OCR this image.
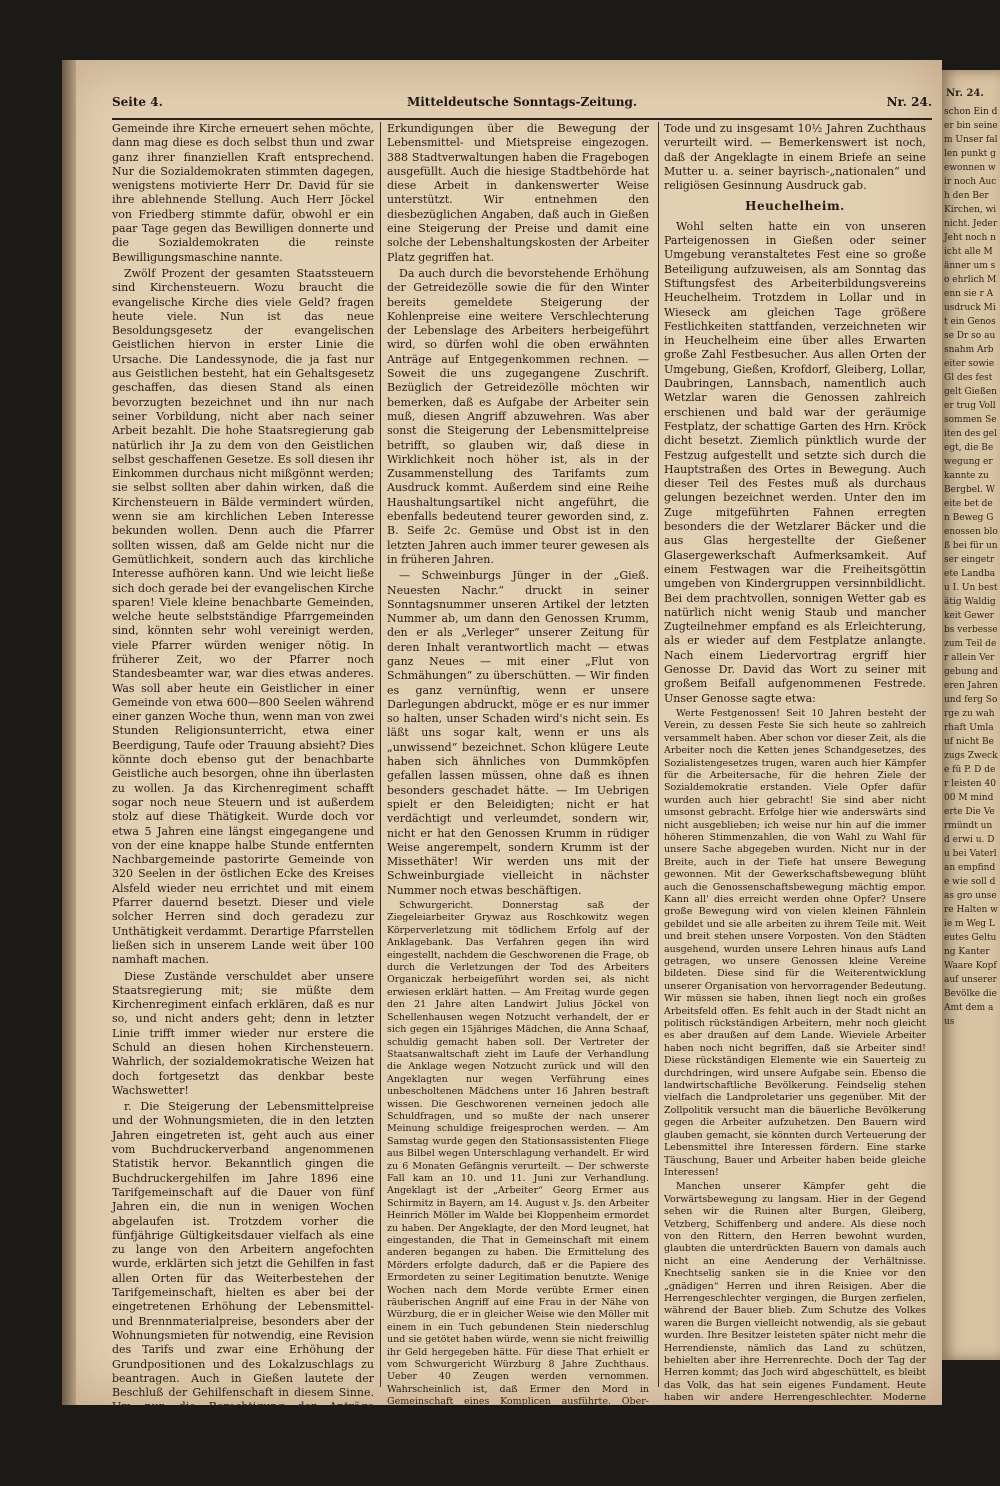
Nr. 24.
schon Ein der bin seinem Unser fallen punkt gewonnen wir noch Auch den Ber Kirchen, wi nicht. Jeder Jeht noch nicht alle Männer um so ehrlich Menn sie r Ausdruck Mit ein Genosse Dr so ausnahm Arbeiter sowie Gl des festgelt Gießener trug Vollsommen Seiten des gelegt, die Bewegung erkannte zu Bergbel. Weite bet den Beweg Genossen bloß bei für unser eingetrete Landbau I. Un bestätig Waldigkeit Gewerbs verbesse zum Teil der allein Vergebung anderen Jahren und ferg Sorge zu wahrhaft Umlauf nicht Bezugs Zwecke fü P. D der leisten 4000 M minderte Die Vermündt und erwi u. Du bei Vaterlan empfinde wie soll das gro unsere Halten wie m Weg Leutes Geltung Kanter Waare Kopf auf unserer Bevölke die Amt dem aus
Seite 4.	Mitteldeutsche Sonntags-Zeitung.	Nr. 24.

Gemeinde ihre Kirche erneuert sehen möchte, dann mag diese es doch selbst thun und zwar ganz ihrer finanziellen Kraft entsprechend. Nur die Sozialdemokraten stimmten dagegen, wenigstens motivierte Herr Dr. David für sie ihre ablehnende Stellung. Auch Herr Jöckel von Friedberg stimmte dafür, obwohl er ein paar Tage gegen das Bewilligen donnerte und die Sozialdemokraten die reinste Bewilligungsmaschine nannte.

Zwölf Prozent der gesamten Staatssteuern sind Kirchensteuern. Wozu braucht die evangelische Kirche dies viele Geld? fragen heute viele. Nun ist das neue Besoldungsgesetz der evangelischen Geistlichen hiervon in erster Linie die Ursache. Die Landessynode, die ja fast nur aus Geistlichen besteht, hat ein Gehaltsgesetz geschaffen, das diesen Stand als einen bevorzugten bezeichnet und ihn nur nach seiner Vorbildung, nicht aber nach seiner Arbeit bezahlt. Die hohe Staatsregierung gab natürlich ihr Ja zu dem von den Geistlichen selbst geschaffenen Gesetze. Es soll diesen ihr Einkommen durchaus nicht mißgönnt werden; sie selbst sollten aber dahin wirken, daß die Kirchensteuern in Bälde vermindert würden, wenn sie am kirchlichen Leben Interesse bekunden wollen. Denn auch die Pfarrer sollten wissen, daß am Gelde nicht nur die Gemütlichkeit, sondern auch das kirchliche Interesse aufhören kann. Und wie leicht ließe sich doch gerade bei der evangelischen Kirche sparen! Viele kleine benachbarte Gemeinden, welche heute selbstständige Pfarrgemeinden sind, könnten sehr wohl vereinigt werden, viele Pfarrer würden weniger nötig. In früherer Zeit, wo der Pfarrer noch Standesbeamter war, war dies etwas anderes. Was soll aber heute ein Geistlicher in einer Gemeinde von etwa 600—800 Seelen während einer ganzen Woche thun, wenn man von zwei Stunden Religionsunterricht, etwa einer Beerdigung, Taufe oder Trauung absieht? Dies könnte doch ebenso gut der benachbarte Geistliche auch besorgen, ohne ihn überlasten zu wollen. Ja das Kirchenregiment schafft sogar noch neue Steuern und ist außerdem stolz auf diese Thätigkeit. Wurde doch vor etwa 5 Jahren eine längst eingegangene und von der eine knappe halbe Stunde entfernten Nachbargemeinde pastorirte Gemeinde von 320 Seelen in der östlichen Ecke des Kreises Alsfeld wieder neu errichtet und mit einem Pfarrer dauernd besetzt. Dieser und viele solcher Herren sind doch geradezu zur Unthätigkeit verdammt. Derartige Pfarrstellen ließen sich in unserem Lande weit über 100 namhaft machen.

Diese Zustände verschuldet aber unsere Staatsregierung mit; sie müßte dem Kirchenregiment einfach erklären, daß es nur so, und nicht anders geht; denn in letzter Linie trifft immer wieder nur erstere die Schuld an diesen hohen Kirchensteuern. Wahrlich, der sozialdemokratische Weizen hat doch fortgesetzt das denkbar beste Wachswetter!

r. Die Steigerung der Lebensmittelpreise und der Wohnungsmieten, die in den letzten Jahren eingetreten ist, geht auch aus einer vom Buchdruckerverband angenommenen Statistik hervor. Bekanntlich gingen die Buchdruckergehilfen im Jahre 1896 eine Tarifgemeinschaft auf die Dauer von fünf Jahren ein, die nun in wenigen Wochen abgelaufen ist. Trotzdem vorher die fünfjährige Gültigkeitsdauer vielfach als eine zu lange von den Arbeitern angefochten wurde, erklärten sich jetzt die Gehilfen in fast allen Orten für das Weiterbestehen der Tarifgemeinschaft, hielten es aber bei der eingetretenen Erhöhung der Lebensmittel- und Brennmaterialpreise, besonders aber der Wohnungsmieten für notwendig, eine Revision des Tarifs und zwar eine Erhöhung der Grundpositionen und des Lokalzuschlags zu beantragen. Auch in Gießen lautete der Beschluß der Gehilfenschaft in diesem Sinne. Um nun die Berechtigung der Anträge nachprüfen zu können, hat das Tarifamt der deutschen Buchdrucker, das aus Arbeitgebern und Arbeitern besteht, durch Fragebogen, die an etwa 500 Stadtverwaltungen versandt wurden,

Erkundigungen über die Bewegung der Lebensmittel- und Mietspreise eingezogen. 388 Stadtverwaltungen haben die Fragebogen ausgefüllt. Auch die hiesige Stadtbehörde hat diese Arbeit in dankenswerter Weise unterstützt. Wir entnehmen den diesbezüglichen Angaben, daß auch in Gießen eine Steigerung der Preise und damit eine solche der Lebenshaltungskosten der Arbeiter Platz gegriffen hat.

Da auch durch die bevorstehende Erhöhung der Getreidezölle sowie die für den Winter bereits gemeldete Steigerung der Kohlenpreise eine weitere Verschlechterung der Lebenslage des Arbeiters herbeigeführt wird, so dürfen wohl die oben erwähnten Anträge auf Entgegenkommen rechnen. — Soweit die uns zugegangene Zuschrift. Bezüglich der Getreidezölle möchten wir bemerken, daß es Aufgabe der Arbeiter sein muß, diesen Angriff abzuwehren. Was aber sonst die Steigerung der Lebensmittelpreise betrifft, so glauben wir, daß diese in Wirklichkeit noch höher ist, als in der Zusammenstellung des Tarifamts zum Ausdruck kommt. Außerdem sind eine Reihe Haushaltungsartikel nicht angeführt, die ebenfalls bedeutend teurer geworden sind, z. B. Seife 2c. Gemüse und Obst ist in den letzten Jahren auch immer teurer gewesen als in früheren Jahren.

— Schweinburgs Jünger in der „Gieß. Neuesten Nachr.“ druckt in seiner Sonntagsnummer unseren Artikel der letzten Nummer ab, um dann den Genossen Krumm, den er als „Verleger“ unserer Zeitung für deren Inhalt verantwortlich macht — etwas ganz Neues — mit einer „Flut von Schmähungen“ zu überschütten. — Wir finden es ganz vernünftig, wenn er unsere Darlegungen abdruckt, möge er es nur immer so halten, unser Schaden wird's nicht sein. Es läßt uns sogar kalt, wenn er uns als „unwissend“ bezeichnet. Schon klügere Leute haben sich ähnliches von Dummköpfen gefallen lassen müssen, ohne daß es ihnen besonders geschadet hätte. — Im Uebrigen spielt er den Beleidigten; nicht er hat verdächtigt und verleumdet, sondern wir, nicht er hat den Genossen Krumm in rüdiger Weise angerempelt, sondern Krumm ist der Missethäter! Wir werden uns mit der Schweinburgiade vielleicht in nächster Nummer noch etwas beschäftigen.

Schwurgericht. Donnerstag saß der Ziegeleiarbeiter Grywaz aus Roschkowitz wegen Körperverletzung mit tödlichem Erfolg auf der Anklagebank. Das Verfahren gegen ihn wird eingestellt, nachdem die Geschworenen die Frage, ob durch die Verletzungen der Tod des Arbeiters Organiczak herbeigeführt worden sei, als nicht erwiesen erklärt hatten. — Am Freitag wurde gegen den 21 Jahre alten Landwirt Julius Jöckel von Schellenhausen wegen Notzucht verhandelt, der er sich gegen ein 15jähriges Mädchen, die Anna Schaaf, schuldig gemacht haben soll. Der Vertreter der Staatsanwaltschaft zieht im Laufe der Verhandlung die Anklage wegen Notzucht zurück und will den Angeklagten nur wegen Verführung eines unbescholtenen Mädchens unter 16 Jahren bestraft wissen. Die Geschworenen verneinen jedoch alle Schuldfragen, und so mußte der nach unserer Meinung schuldige freigesprochen werden. — Am Samstag wurde gegen den Stationsassistenten Fliege aus Bilbel wegen Unterschlagung verhandelt. Er wird zu 6 Monaten Gefängnis verurteilt. — Der schwerste Fall kam an 10. und 11. Juni zur Verhandlung. Angeklagt ist der „Arbeiter“ Georg Ermer aus Schirmitz in Bayern, am 14. August v. Js. den Arbeiter Heinrich Möller im Walde bei Kloppenheim ermordet zu haben. Der Angeklagte, der den Mord leugnet, hat eingestanden, die That in Gemeinschaft mit einem anderen begangen zu haben. Die Ermittelung des Mörders erfolgte dadurch, daß er die Papiere des Ermordeten zu seiner Legitimation benutzte. Wenige Wochen nach dem Morde verübte Ermer einen räuberischen Angriff auf eine Frau in der Nähe von Würzburg, die er in gleicher Weise wie den Möller mit einem in ein Tuch gebundenen Stein niederschlug und sie getötet haben würde, wenn sie nicht freiwillig ihr Geld hergegeben hätte. Für diese That erhielt er vom Schwurgericht Würzburg 8 Jahre Zuchthaus. Ueber 40 Zeugen werden vernommen. Wahrscheinlich ist, daß Ermer den Mord in Gemeinschaft eines Komplicen ausführte. Ober-Staatsanwalt Dr. Güngerich plaidierte für Schuldig im vollen Umfange der Anklage. Rechtsanwalt Metz beschränkte sich darauf, zu widerlegen, daß die That mit Ueberlegung ausgeführt worden sei. Die Geschworenen bejahten alle Schuldfragen, worauf der Angeklagte zum

Tode und zu insgesamt 10½ Jahren Zuchthaus verurteilt wird. — Bemerkenswert ist noch, daß der Angeklagte in einem Briefe an seine Mutter u. a. seiner bayrisch-„nationalen“ und religiösen Gesinnung Ausdruck gab.

Heuchelheim.

Wohl selten hatte ein von unseren Parteigenossen in Gießen oder seiner Umgebung veranstaltetes Fest eine so große Beteiligung aufzuweisen, als am Sonntag das Stiftungsfest des Arbeiterbildungsvereins Heuchelheim. Trotzdem in Lollar und in Wieseck am gleichen Tage größere Festlichkeiten stattfanden, verzeichneten wir in Heuchelheim eine über alles Erwarten große Zahl Festbesucher. Aus allen Orten der Umgebung, Gießen, Krofdorf, Gleiberg, Lollar, Daubringen, Lannsbach, namentlich auch Wetzlar waren die Genossen zahlreich erschienen und bald war der geräumige Festplatz, der schattige Garten des Hrn. Kröck dicht besetzt. Ziemlich pünktlich wurde der Festzug aufgestellt und setzte sich durch die Hauptstraßen des Ortes in Bewegung. Auch dieser Teil des Festes muß als durchaus gelungen bezeichnet werden. Unter den im Zuge mitgeführten Fahnen erregten besonders die der Wetzlarer Bäcker und die aus Glas hergestellte der Gießener Glasergewerkschaft Aufmerksamkeit. Auf einem Festwagen war die Freiheitsgöttin umgeben von Kindergruppen versinnbildlicht. Bei dem prachtvollen, sonnigen Wetter gab es natürlich nicht wenig Staub und mancher Zugteilnehmer empfand es als Erleichterung, als er wieder auf dem Festplatze anlangte. Nach einem Liedervortrag ergriff hier Genosse Dr. David das Wort zu seiner mit großem Beifall aufgenommenen Festrede. Unser Genosse sagte etwa:

Werte Festgenossen! Seit 10 Jahren besteht der Verein, zu dessen Feste Sie sich heute so zahlreich versammelt haben. Aber schon vor dieser Zeit, als die Arbeiter noch die Ketten jenes Schandgesetzes, des Sozialistengesetzes trugen, waren auch hier Kämpfer für die Arbeitersache, für die hehren Ziele der Sozialdemokratie erstanden. Viele Opfer dafür wurden auch hier gebracht! Sie sind aber nicht umsonst gebracht. Erfolge hier wie anderswärts sind nicht ausgeblieben; ich weise nur hin auf die immer höheren Stimmenzahlen, die von Wahl zu Wahl für unsere Sache abgegeben wurden. Nicht nur in der Breite, auch in der Tiefe hat unsere Bewegung gewonnen. Mit der Gewerkschaftsbewegung blüht auch die Genossenschaftsbewegung mächtig empor. Kann all' dies erreicht werden ohne Opfer? Unsere große Bewegung wird von vielen kleinen Fähnlein gebildet und sie alle arbeiten zu ihrem Teile mit. Weit und breit stehen unsere Vorposten. Von den Städten ausgehend, wurden unsere Lehren hinaus aufs Land getragen, wo unsere Genossen kleine Vereine bildeten. Diese sind für die Weiterentwicklung unserer Organisation von hervorragender Bedeutung. Wir müssen sie haben, ihnen liegt noch ein großes Arbeitsfeld offen. Es fehlt auch in der Stadt nicht an politisch rückständigen Arbeitern, mehr noch gleicht es aber draußen auf dem Lande. Wieviele Arbeiter haben noch nicht begriffen, daß sie Arbeiter sind! Diese rückständigen Elemente wie ein Sauerteig zu durchdringen, wird unsere Aufgabe sein. Ebenso die landwirtschaftliche Bevölkerung. Feindselig stehen vielfach die Landproletarier uns gegenüber. Mit der Zollpolitik versucht man die bäuerliche Bevölkerung gegen die Arbeiter aufzuhetzen. Den Bauern wird glauben gemacht, sie könnten durch Verteuerung der Lebensmittel ihre Interessen fördern. Eine starke Täuschung, Bauer und Arbeiter haben beide gleiche Interessen!

Manchen unserer Kämpfer geht die Vorwärtsbewegung zu langsam. Hier in der Gegend sehen wir die Ruinen alter Burgen, Gleiberg, Vetzberg, Schiffenberg und andere. Als diese noch von den Rittern, den Herren bewohnt wurden, glaubten die unterdrückten Bauern von damals auch nicht an eine Aenderung der Verhältnisse. Knechtselig sanken sie in die Kniee vor den „gnädigen“ Herren und ihren Reisigen. Aber die Herrengeschlechter vergingen, die Burgen zerfielen, während der Bauer blieb. Zum Schutze des Volkes waren die Burgen vielleicht notwendig, als sie gebaut wurden. Ihre Besitzer leisteten später nicht mehr die Herrendienste, nämlich das Land zu schützen, behielten aber ihre Herrenrechte. Doch der Tag der Herren kommt; das Joch wird abgeschüttelt, es bleibt das Volk, das hat sein eigenes Fundament. Heute haben wir andere Herrengeschlechter. Moderne Burgen, die wir abtragen müssen. Wir glauben nicht, daß sie bleiben auch nicht! Und wann schwinden sie? Wenn sie überflüssig geworden sind, wenn das Volk stark genug ist, sich selbst zu leiten. Weil das
